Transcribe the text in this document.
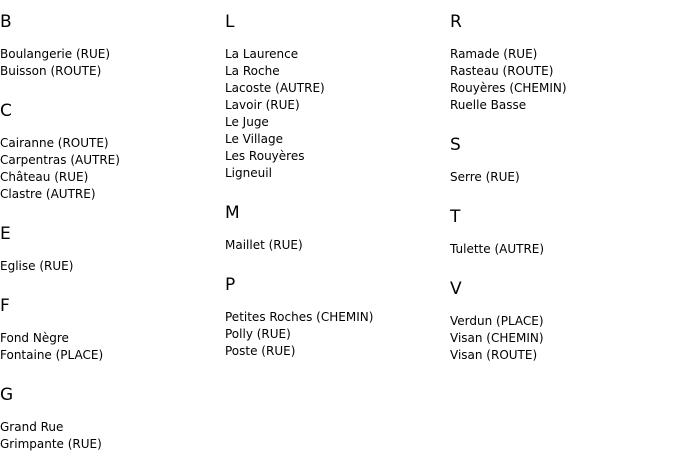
B
Boulangerie (RUE)
Buisson (ROUTE)
C
Cairanne (ROUTE)
Carpentras (AUTRE)
Château (RUE)
Clastre (AUTRE)
E
Eglise (RUE)
F
Fond Nègre
Fontaine (PLACE)
G
Grand Rue
Grimpante (RUE)
L
La Laurence
La Roche
Lacoste (AUTRE)
Lavoir (RUE)
Le Juge
Le Village
Les Rouyères
Ligneuil
M
Maillet (RUE)
P
Petites Roches (CHEMIN)
Polly (RUE)
Poste (RUE)
R
Ramade (RUE)
Rasteau (ROUTE)
Rouyères (CHEMIN)
Ruelle Basse
S
Serre (RUE)
T
Tulette (AUTRE)
V
Verdun (PLACE)
Visan (CHEMIN)
Visan (ROUTE)
